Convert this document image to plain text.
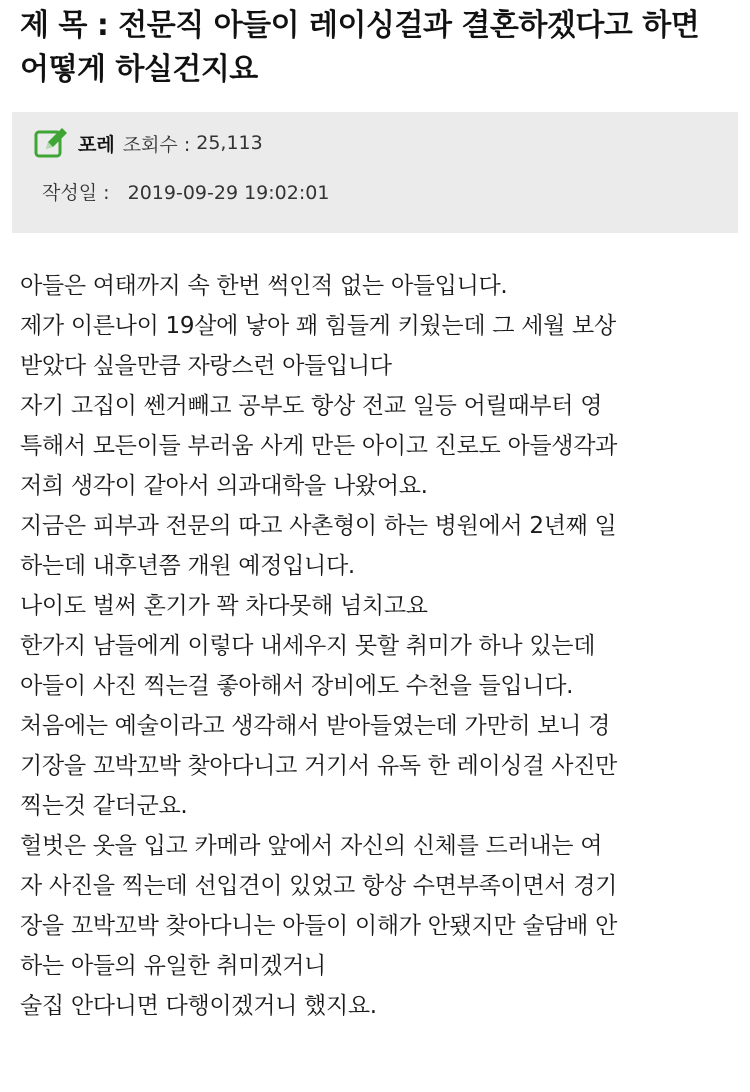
제 목 : 전문직 아들이 레이싱걸과 결혼하겠다고 하면 어떻게 하실건지요
포레 조회수 : 25,113
작성일 : 2019-09-29 19:02:01
아들은 여태까지 속 한번 썩인적 없는 아들입니다.
제가 이른나이 19살에 낳아 꽤 힘들게 키웠는데 그 세월 보상
받았다 싶을만큼 자랑스런 아들입니다
자기 고집이 쎈거빼고 공부도 항상 전교 일등 어릴때부터 영
특해서 모든이들 부러움 사게 만든 아이고 진로도 아들생각과
저희 생각이 같아서 의과대학을 나왔어요.
지금은 피부과 전문의 따고 사촌형이 하는 병원에서 2년째 일
하는데 내후년쯤 개원 예정입니다.
나이도 벌써 혼기가 꽉 차다못해 넘치고요
한가지 남들에게 이렇다 내세우지 못할 취미가 하나 있는데
아들이 사진 찍는걸 좋아해서 장비에도 수천을 들입니다.
처음에는 예술이라고 생각해서 받아들였는데 가만히 보니 경
기장을 꼬박꼬박 찾아다니고 거기서 유독 한 레이싱걸 사진만
찍는것 같더군요.
헐벗은 옷을 입고 카메라 앞에서 자신의 신체를 드러내는 여
자 사진을 찍는데 선입견이 있었고 항상 수면부족이면서 경기
장을 꼬박꼬박 찾아다니는 아들이 이해가 안됐지만 술담배 안
하는 아들의 유일한 취미겠거니
술집 안다니면 다행이겠거니 했지요.
